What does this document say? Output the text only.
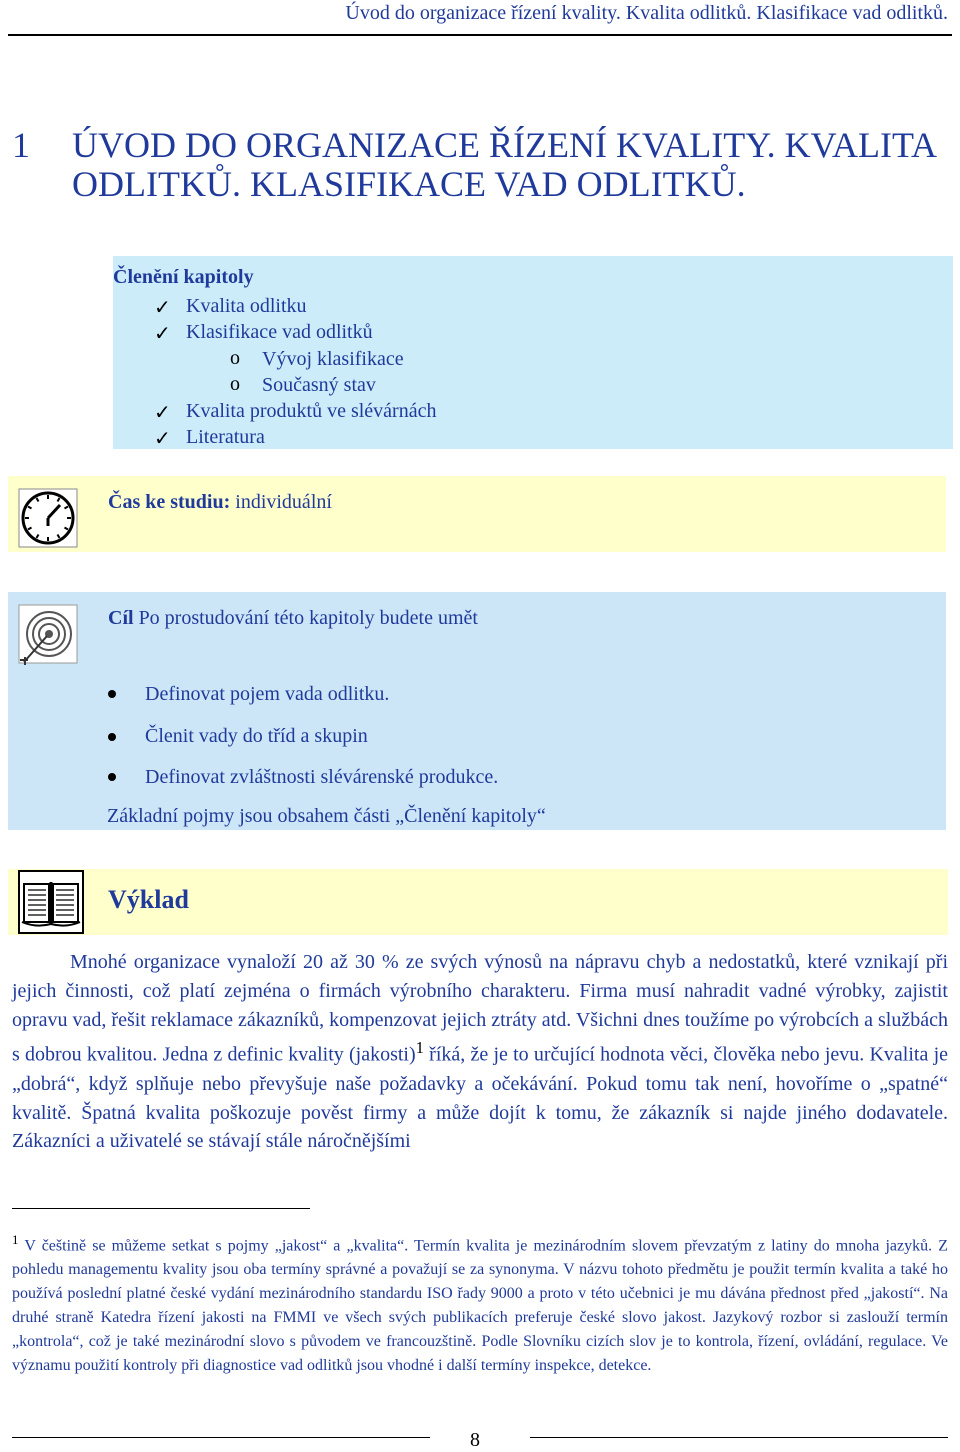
Úvod do organizace řízení kvality. Kvalita odlitků. Klasifikace vad odlitků.
1 ÚVOD DO ORGANIZACE ŘÍZENÍ KVALITY. KVALITA
ODLITKŮ. KLASIFIKACE VAD ODLITKŮ.
Členění kapitoly
✓ Kvalita odlitku
✓ Klasifikace vad odlitků
o Vývoj klasifikace
o Současný stav
✓ Kvalita produktů ve slévárnách
✓ Literatura
Čas ke studiu: individuální
Cíl Po prostudování této kapitoly budete umět
Definovat pojem vada odlitku.
Členit vady do tříd a skupin
Definovat zvláštnosti slévárenské produkce.
Základní pojmy jsou obsahem části „Členění kapitoly“
Výklad
Mnohé organizace vynaloží 20 až 30 % ze svých výnosů na nápravu chyb a nedostatků, které vznikají při jejich činnosti, což platí zejména o firmách výrobního charakteru. Firma musí nahradit vadné výrobky, zajistit opravu vad, řešit reklamace zákazníků, kompenzovat jejich ztráty atd. Všichni dnes toužíme po výrobcích a službách s dobrou kvalitou. Jedna z definic kvality (jakosti)$^1$ říká, že je to určující hodnota věci, člověka nebo jevu. Kvalita je „dobrá“, když splňuje nebo převyšuje naše požadavky a očekávání. Pokud tomu tak není, hovoříme o „spatné“ kvalitě. Špatná kvalita poškozuje pověst firmy a může dojít k tomu, že zákazník si najde jiného dodavatele. Zákazníci a uživatelé se stávají stále náročnějšími
$^1$ V češtině se můžeme setkat s pojmy „jakost“ a „kvalita“. Termín kvalita je mezinárodním slovem převzatým z latiny do mnoha jazyků. Z pohledu managementu kvality jsou oba termíny správné a považují se za synonyma. V názvu tohoto předmětu je použit termín kvalita a také ho používá poslední platné české vydání mezinárodního standardu ISO řady 9000 a proto v této učebnici je mu dávána přednost před „jakostí“. Na druhé straně Katedra řízení jakosti na FMMI ve všech svých publikacích preferuje české slovo jakost. Jazykový rozbor si zaslouží termín „kontrola“, což je také mezinárodní slovo s původem ve francouzštině. Podle Slovníku cizích slov je to kontrola, řízení, ovládání, regulace. Ve významu použití kontroly při diagnostice vad odlitků jsou vhodné i další termíny inspekce, detekce.
8
